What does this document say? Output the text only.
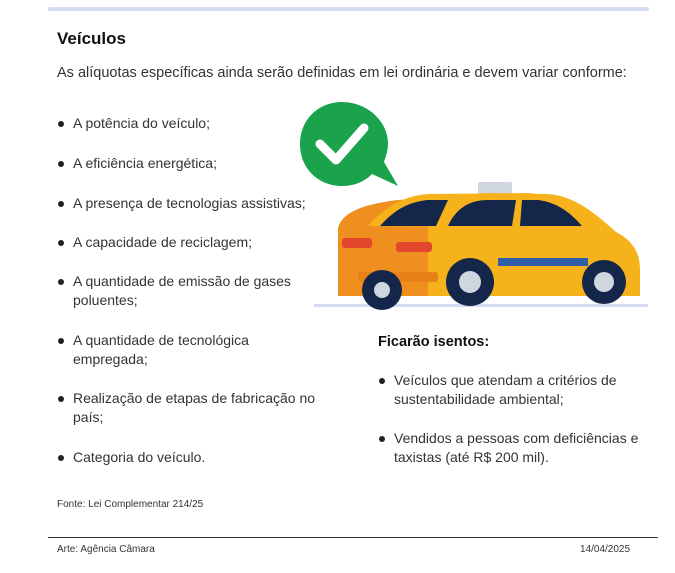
Veículos
As alíquotas específicas ainda serão definidas em lei ordinária e devem variar conforme:
A potência do veículo;
A eficiência energética;
A presença de tecnologias assistivas;
A capacidade de reciclagem;
A quantidade de emissão de gases poluentes;
A quantidade de tecnológica empregada;
Realização de etapas de fabricação no país;
Categoria do veículo.
Ficarão isentos:
Veículos que atendam a critérios de sustentabilidade ambiental;
Vendidos a pessoas com deficiências e taxistas (até R$ 200 mil).
Fonte: Lei Complementar 214/25
Arte: Agência Câmara	14/04/2025
